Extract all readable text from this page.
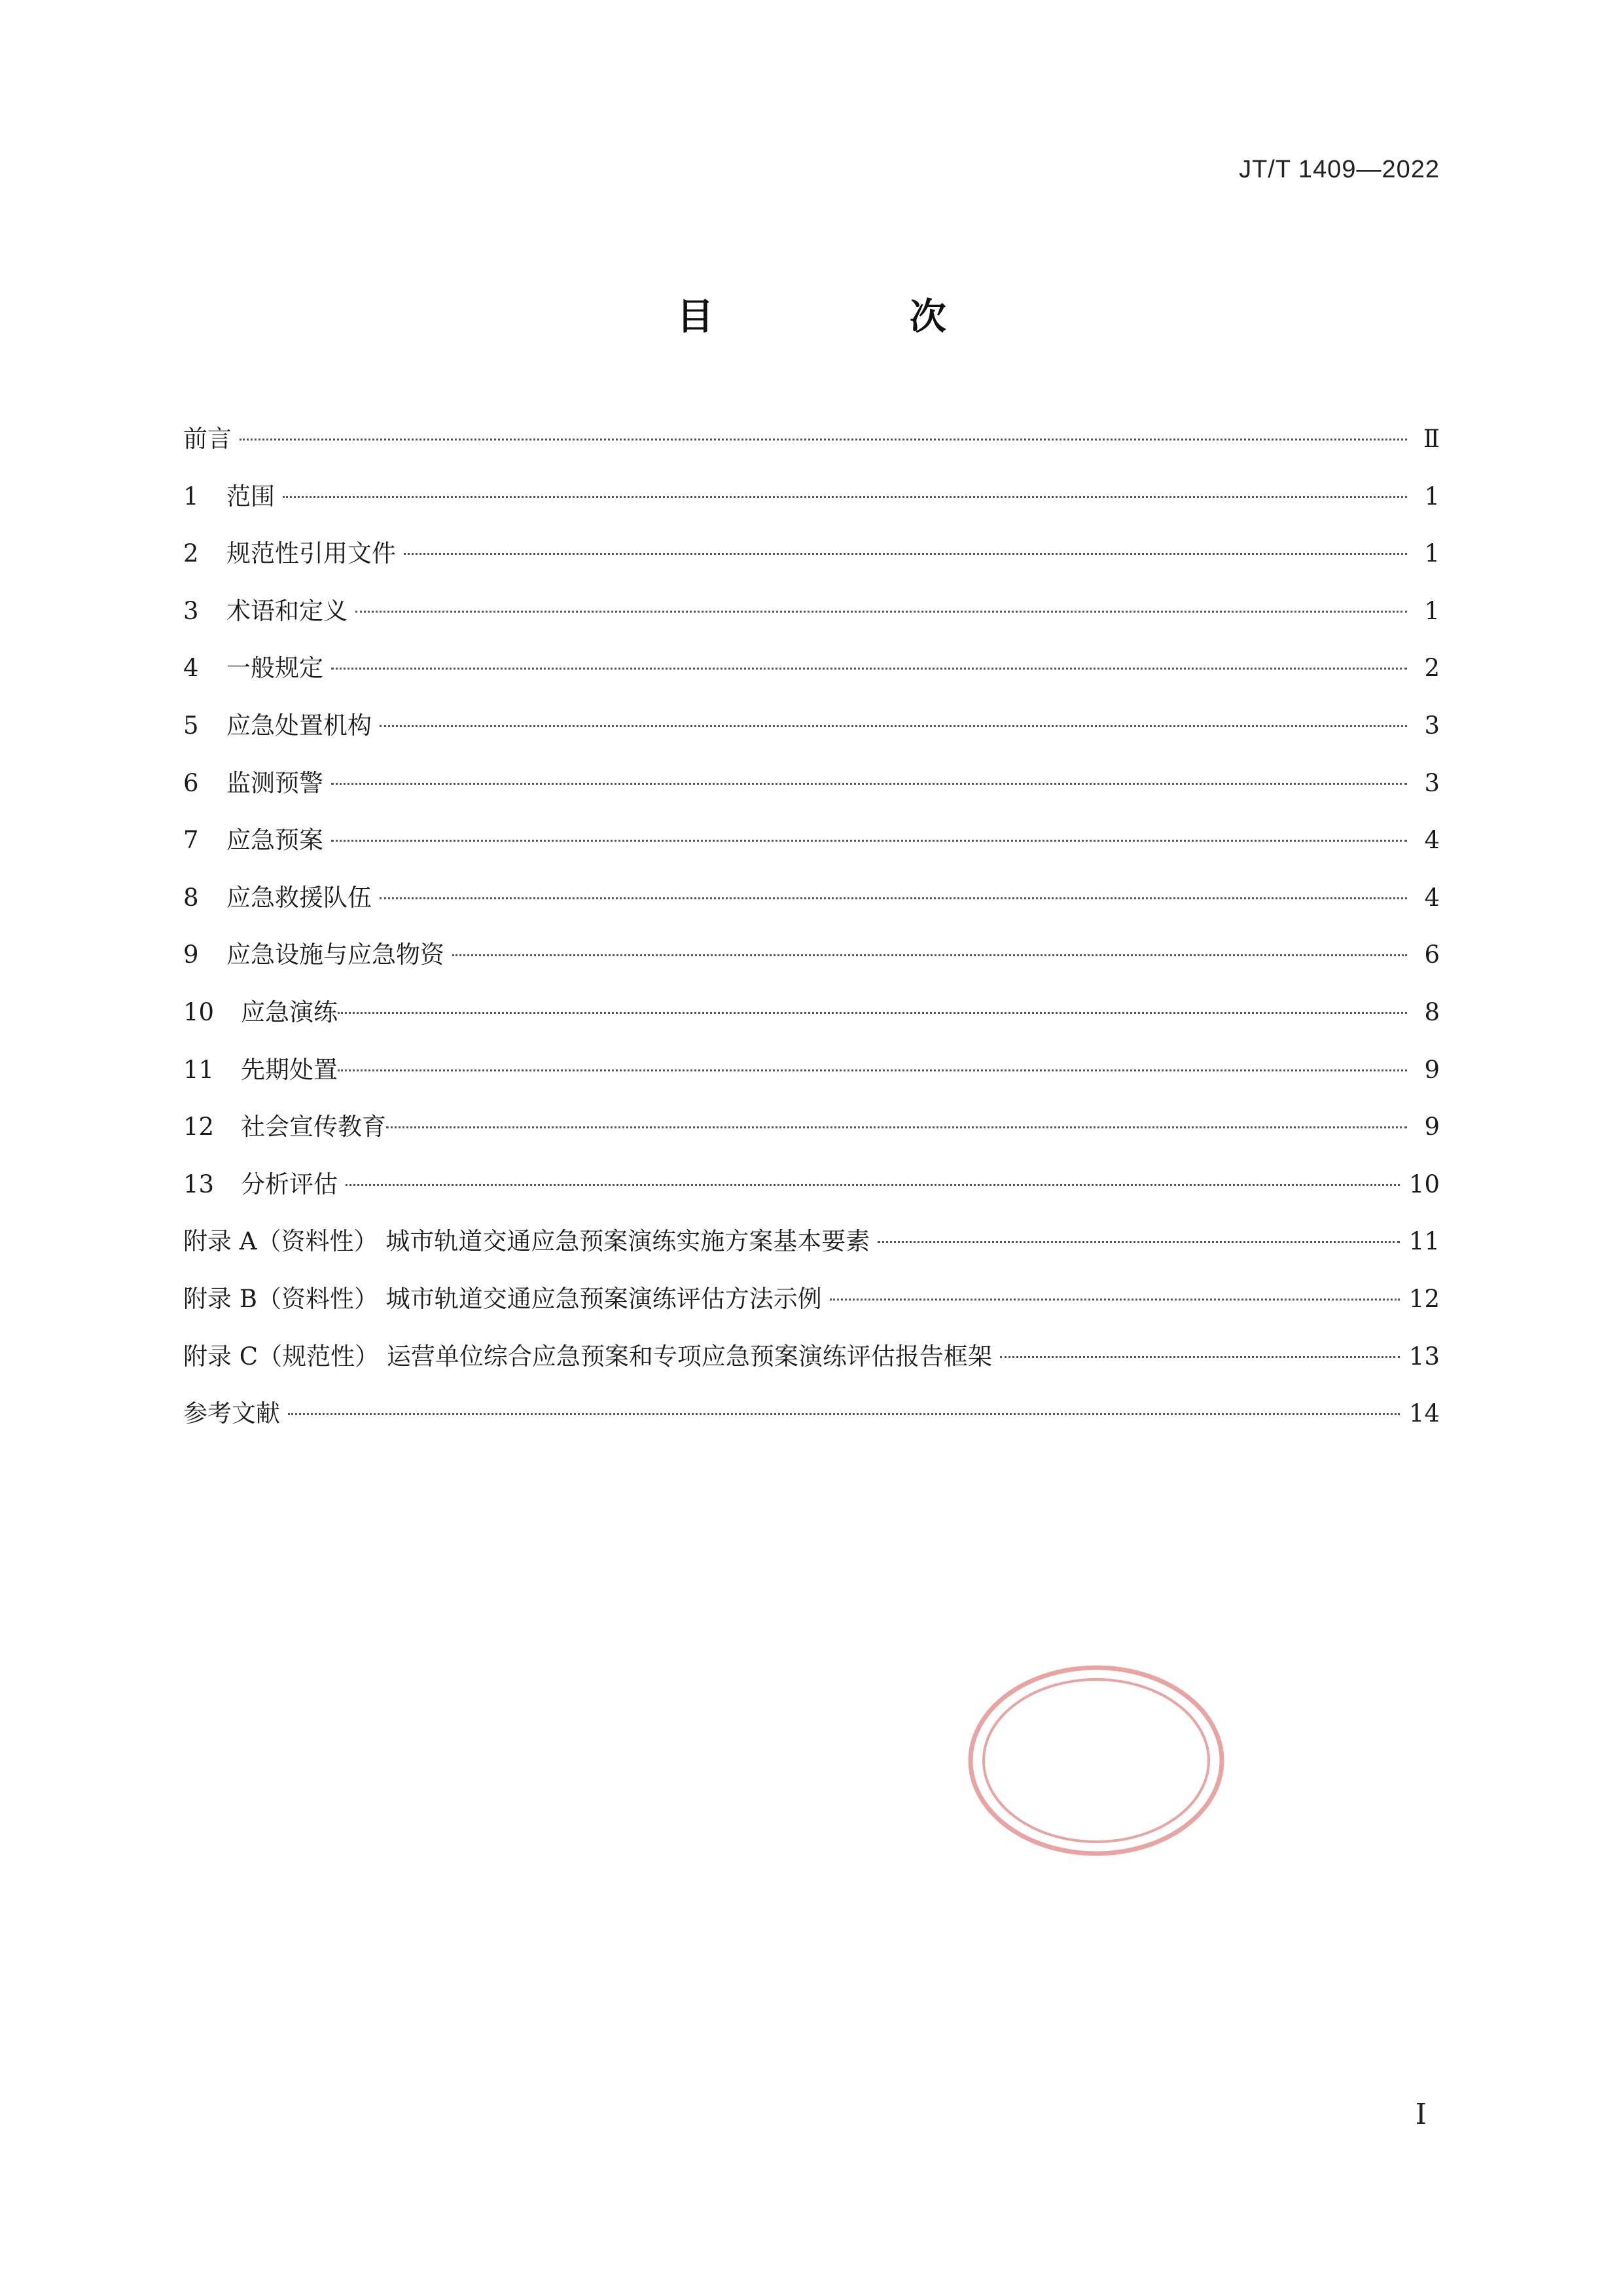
JT/T 1409—2022
目 次
前言	Ⅱ
1	范围	1
2	规范性引用文件	1
3	术语和定义	1
4	一般规定	2
5	应急处置机构	3
6	监测预警	3
7	应急预案	4
8	应急救援队伍	4
9	应急设施与应急物资	6
10	应急演练	8
11	先期处置	9
12	社会宣传教育	9
13	分析评估	10
附录 A（资料性） 城市轨道交通应急预案演练实施方案基本要素	11
附录 B（资料性） 城市轨道交通应急预案演练评估方法示例	12
附录 C（规范性） 运营单位综合应急预案和专项应急预案演练评估报告框架	13
参考文献	14
Ⅰ
